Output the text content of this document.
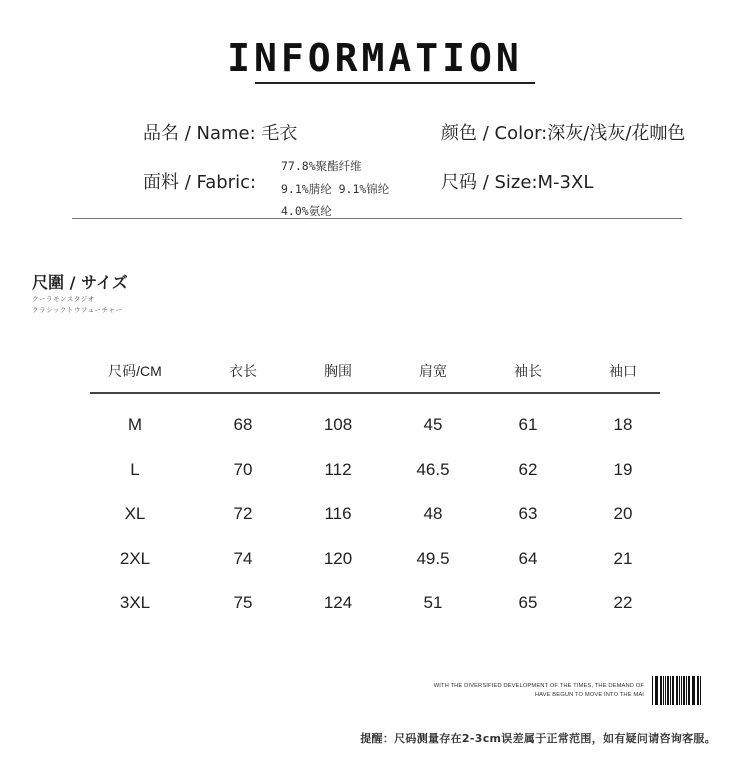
INFORMATION
品名 / Name: 毛衣	颜色 / Color:深灰/浅灰/花咖色
面料 / Fabric:
77.8%聚酯纤维
9.1%腈纶 9.1%锦纶
4.0%氨纶
尺码 / Size:M-3XL
尺圍 / サイズ
クーラモンスタジオ
クラシックトウフューチャー
尺码/CM	衣长	胸围	肩宽	袖长	袖口
M	68	108	45	61	18
L	70	112	46.5	62	19
XL	72	116	48	63	20
2XL	74	120	49.5	64	21
3XL	75	124	51	65	22
WITH THE DIVERSIFIED DEVELOPMENT OF THE TIMES, THE DEMAND OF
HAVE BEGUN TO MOVE INTO THE MAI
提醒：尺码测量存在2-3cm误差属于正常范围，如有疑问请咨询客服。
